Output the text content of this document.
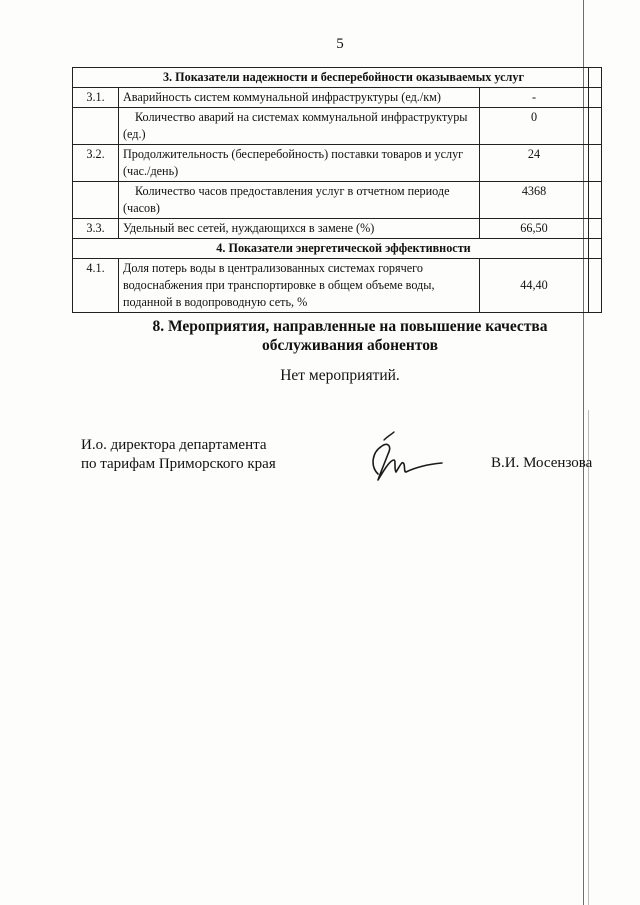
5
3. Показатели надежности и бесперебойности оказываемых услуг			
3.1.	Аварийность систем коммунальной инфраструктуры (ед./км)	-	
	Количество аварий на системах коммунальной инфраструктуры (ед.)	0	
3.2.	Продолжительность (бесперебойность) поставки товаров и услуг (час./день)	24	
	Количество часов предоставления услуг в отчетном периоде (часов)	4368	
3.3.	Удельный вес сетей, нуждающихся в замене (%)	66,50	
4. Показатели энергетической эффективности			
4.1.	Доля потерь воды в централизованных системах горячего водоснабжения при транспортировке в общем объеме воды, поданной в водопроводную сеть, %	44,40	
8. Мероприятия, направленные на повышение качества
обслуживания абонентов
Нет мероприятий.
И.о. директора департамента
по тарифам Приморского края	В.И. Мосензова
